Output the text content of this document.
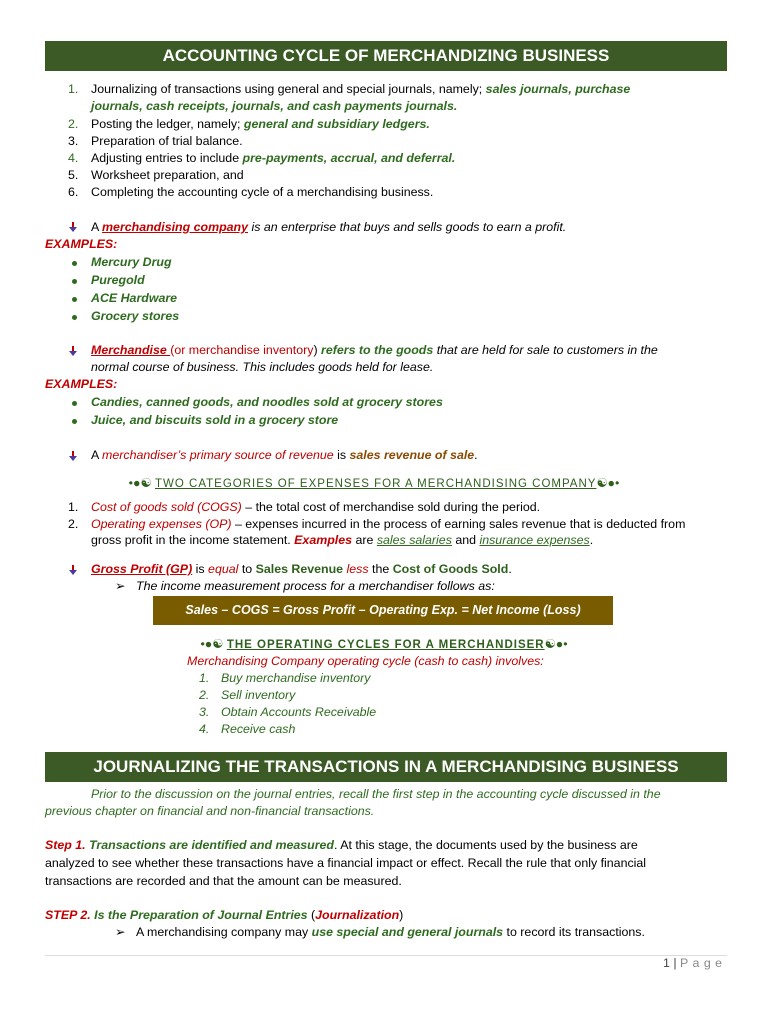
ACCOUNTING CYCLE OF MERCHANDIZING BUSINESS
1. Journalizing of transactions using general and special journals, namely; sales journals, purchase
journals, cash receipts, journals, and cash payments journals.
2. Posting the ledger, namely; general and subsidiary ledgers.
3. Preparation of trial balance.
4. Adjusting entries to include pre-payments, accrual, and deferral.
5. Worksheet preparation, and
6. Completing the accounting cycle of a merchandising business.
A merchandising company is an enterprise that buys and sells goods to earn a profit.
EXAMPLES:
Mercury Drug
Puregold
ACE Hardware
Grocery stores
Merchandise (or merchandise inventory) refers to the goods that are held for sale to customers in the
normal course of business. This includes goods held for lease.
EXAMPLES:
Candies, canned goods, and noodles sold at grocery stores
Juice, and biscuits sold in a grocery store
A merchandiser’s primary source of revenue is sales revenue of sale.
•●☯ TWO CATEGORIES OF EXPENSES FOR A MERCHANDISING COMPANY☯●•
1. Cost of goods sold (COGS) – the total cost of merchandise sold during the period.
2. Operating expenses (OP) – expenses incurred in the process of earning sales revenue that is deducted from
gross profit in the income statement. Examples are sales salaries and insurance expenses.
Gross Profit (GP) is equal to Sales Revenue less the Cost of Goods Sold.
➢ The income measurement process for a merchandiser follows as:
Sales – COGS = Gross Profit – Operating Exp. = Net Income (Loss)
•●☯ THE OPERATING CYCLES FOR A MERCHANDISER☯●•
Merchandising Company operating cycle (cash to cash) involves:
1. Buy merchandise inventory
2. Sell inventory
3. Obtain Accounts Receivable
4. Receive cash
JOURNALIZING THE TRANSACTIONS IN A MERCHANDISING BUSINESS
Prior to the discussion on the journal entries, recall the first step in the accounting cycle discussed in the
previous chapter on financial and non-financial transactions.
Step 1. Transactions are identified and measured. At this stage, the documents used by the business are
analyzed to see whether these transactions have a financial impact or effect. Recall the rule that only financial
transactions are recorded and that the amount can be measured.
STEP 2. Is the Preparation of Journal Entries (Journalization)
➢ A merchandising company may use special and general journals to record its transactions.
1 | P a g e
